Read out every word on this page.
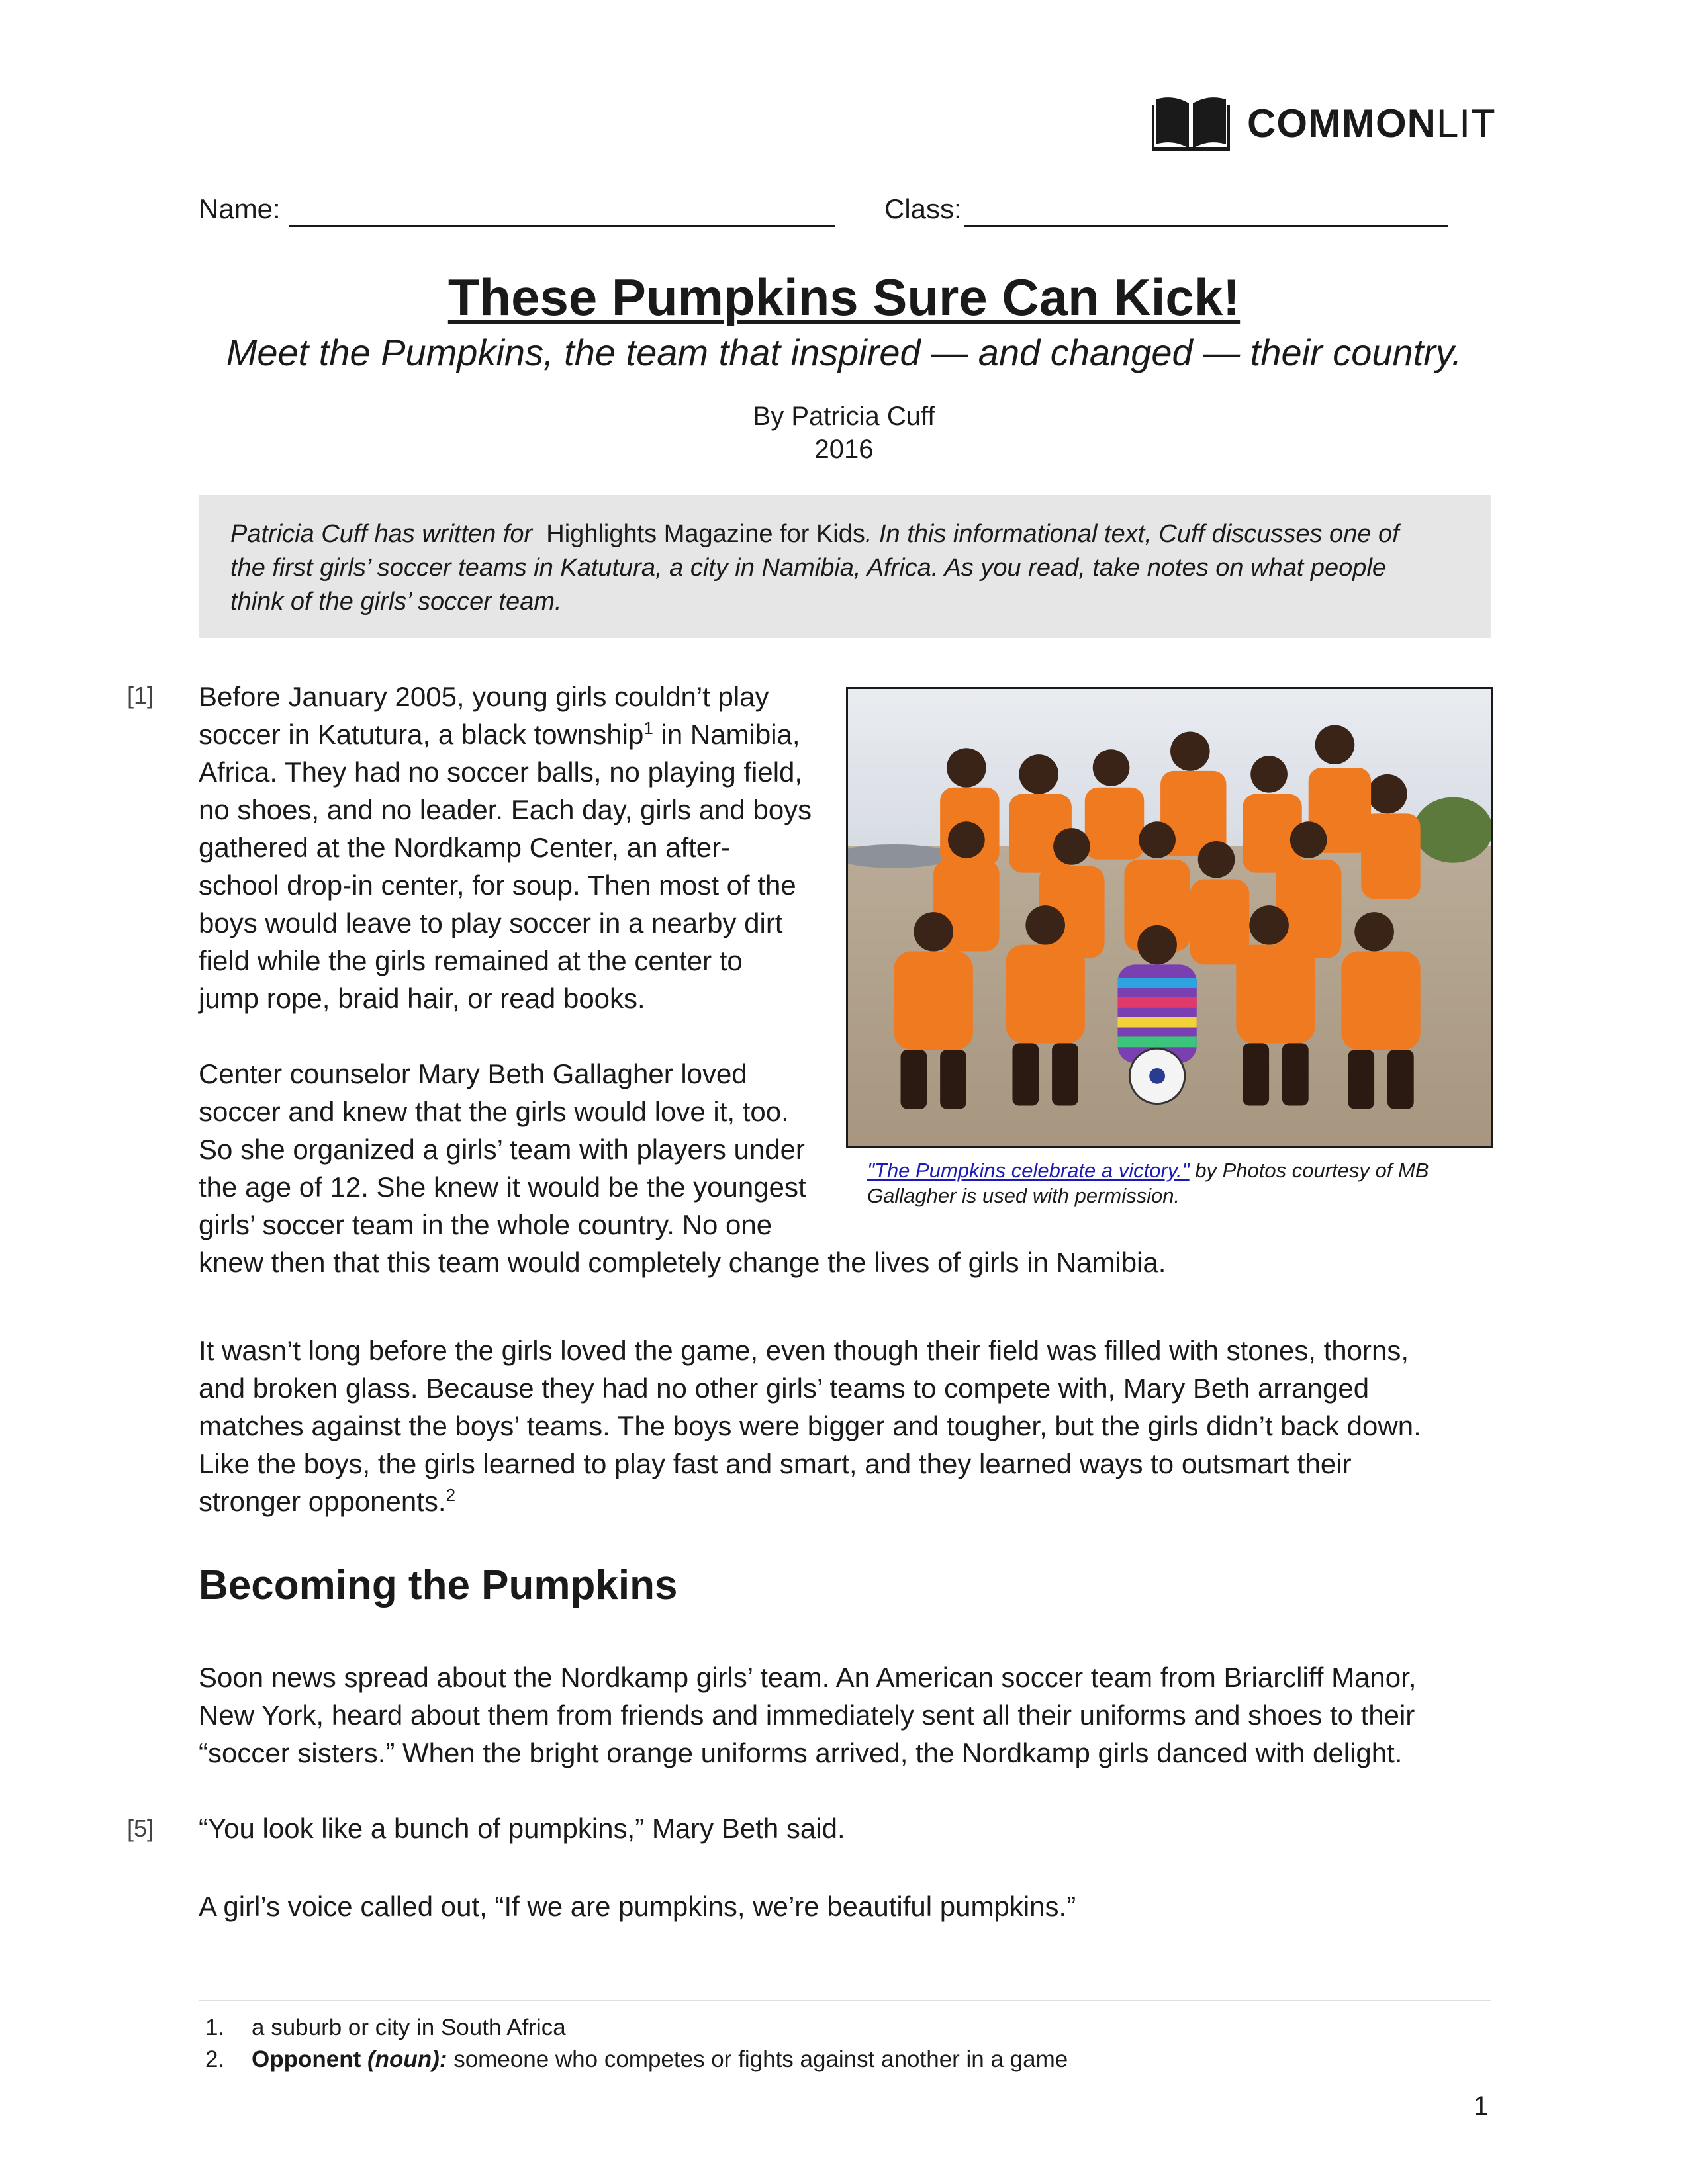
COMMONLIT
Name:	Class:
These Pumpkins Sure Can Kick!
Meet the Pumpkins, the team that inspired — and changed — their country.
By Patricia Cuff
2016
Patricia Cuff has written for Highlights Magazine for Kids. In this informational text, Cuff discusses one of
the first girls’ soccer teams in Katutura, a city in Namibia, Africa. As you read, take notes on what people
think of the girls’ soccer team.
[1] Before January 2005, young girls couldn’t play
soccer in Katutura, a black township$^1$ in Namibia,
Africa. They had no soccer balls, no playing field,
no shoes, and no leader. Each day, girls and boys
gathered at the Nordkamp Center, an after-
school drop-in center, for soup. Then most of the
boys would leave to play soccer in a nearby dirt
field while the girls remained at the center to
jump rope, braid hair, or read books.
Center counselor Mary Beth Gallagher loved
soccer and knew that the girls would love it, too.
So she organized a girls’ team with players under
the age of 12. She knew it would be the youngest
girls’ soccer team in the whole country. No one
knew then that this team would completely change the lives of girls in Namibia.
"The Pumpkins celebrate a victory." by Photos courtesy of MB
Gallagher is used with permission.
It wasn’t long before the girls loved the game, even though their field was filled with stones, thorns,
and broken glass. Because they had no other girls’ teams to compete with, Mary Beth arranged
matches against the boys’ teams. The boys were bigger and tougher, but the girls didn’t back down.
Like the boys, the girls learned to play fast and smart, and they learned ways to outsmart their
stronger opponents.$^2$
Becoming the Pumpkins
Soon news spread about the Nordkamp girls’ team. An American soccer team from Briarcliff Manor,
New York, heard about them from friends and immediately sent all their uniforms and shoes to their
“soccer sisters.” When the bright orange uniforms arrived, the Nordkamp girls danced with delight.
[5] “You look like a bunch of pumpkins,” Mary Beth said.
A girl’s voice called out, “If we are pumpkins, we’re beautiful pumpkins.”
1. a suburb or city in South Africa
2. Opponent (noun): someone who competes or fights against another in a game
1
